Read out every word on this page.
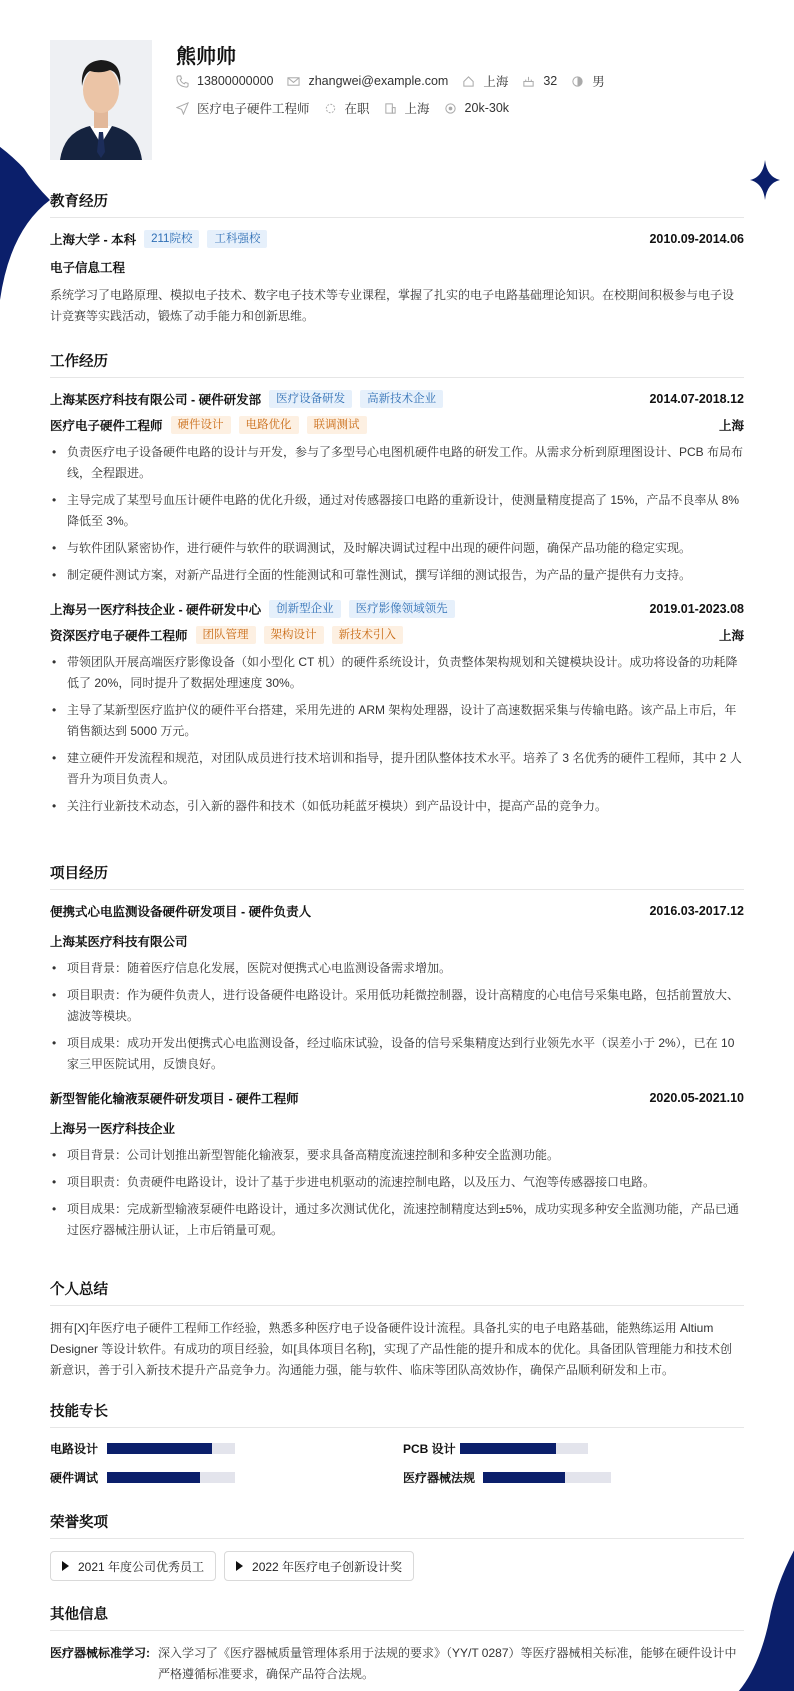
熊帅帅
13800000000	zhangwei@example.com	上海	32	男
医疗电子硬件工程师	在职	上海	20k-30k
教育经历
上海大学 - 本科	211院校	工科强校	2010.09-2014.06
电子信息工程
系统学习了电路原理、模拟电子技术、数字电子技术等专业课程，掌握了扎实的电子电路基础理论知识。在校期间积极参与电子设计竞赛等实践活动，锻炼了动手能力和创新思维。
工作经历
上海某医疗科技有限公司 - 硬件研发部	医疗设备研发	高新技术企业	2014.07-2018.12
医疗电子硬件工程师	硬件设计	电路优化	联调测试	上海
• 负责医疗电子设备硬件电路的设计与开发，参与了多型号心电图机硬件电路的研发工作。从需求分析到原理图设计、PCB 布局布线，全程跟进。
• 主导完成了某型号血压计硬件电路的优化升级，通过对传感器接口电路的重新设计，使测量精度提高了 15%，产品不良率从 8% 降低至 3%。
• 与软件团队紧密协作，进行硬件与软件的联调测试，及时解决调试过程中出现的硬件问题，确保产品功能的稳定实现。
• 制定硬件测试方案，对新产品进行全面的性能测试和可靠性测试，撰写详细的测试报告，为产品的量产提供有力支持。
上海另一医疗科技企业 - 硬件研发中心	创新型企业	医疗影像领域领先	2019.01-2023.08
资深医疗电子硬件工程师	团队管理	架构设计	新技术引入	上海
• 带领团队开展高端医疗影像设备（如小型化 CT 机）的硬件系统设计，负责整体架构规划和关键模块设计。成功将设备的功耗降低了 20%，同时提升了数据处理速度 30%。
• 主导了某新型医疗监护仪的硬件平台搭建，采用先进的 ARM 架构处理器，设计了高速数据采集与传输电路。该产品上市后，年销售额达到 5000 万元。
• 建立硬件开发流程和规范，对团队成员进行技术培训和指导，提升团队整体技术水平。培养了 3 名优秀的硬件工程师，其中 2 人晋升为项目负责人。
• 关注行业新技术动态，引入新的器件和技术（如低功耗蓝牙模块）到产品设计中，提高产品的竞争力。
项目经历
便携式心电监测设备硬件研发项目 - 硬件负责人	2016.03-2017.12
上海某医疗科技有限公司
• 项目背景：随着医疗信息化发展，医院对便携式心电监测设备需求增加。
• 项目职责：作为硬件负责人，进行设备硬件电路设计。采用低功耗微控制器，设计高精度的心电信号采集电路，包括前置放大、滤波等模块。
• 项目成果：成功开发出便携式心电监测设备，经过临床试验，设备的信号采集精度达到行业领先水平（误差小于 2%），已在 10 家三甲医院试用，反馈良好。
新型智能化输液泵硬件研发项目 - 硬件工程师	2020.05-2021.10
上海另一医疗科技企业
• 项目背景：公司计划推出新型智能化输液泵，要求具备高精度流速控制和多种安全监测功能。
• 项目职责：负责硬件电路设计，设计了基于步进电机驱动的流速控制电路，以及压力、气泡等传感器接口电路。
• 项目成果：完成新型输液泵硬件电路设计，通过多次测试优化，流速控制精度达到±5%，成功实现多种安全监测功能，产品已通过医疗器械注册认证，上市后销量可观。
个人总结
拥有[X]年医疗电子硬件工程师工作经验，熟悉多种医疗电子设备硬件设计流程。具备扎实的电子电路基础，能熟练运用 Altium Designer 等设计软件。有成功的项目经验，如[具体项目名称]，实现了产品性能的提升和成本的优化。具备团队管理能力和技术创新意识，善于引入新技术提升产品竞争力。沟通能力强，能与软件、临床等团队高效协作，确保产品顺利研发和上市。
技能专长
电路设计	PCB 设计
硬件调试	医疗器械法规
荣誉奖项
2021 年度公司优秀员工	2022 年医疗电子创新设计奖
其他信息
医疗器械标准学习: 深入学习了《医疗器械质量管理体系用于法规的要求》（YY/T 0287）等医疗器械相关标准，能够在硬件设计中严格遵循标准要求，确保产品符合法规。
